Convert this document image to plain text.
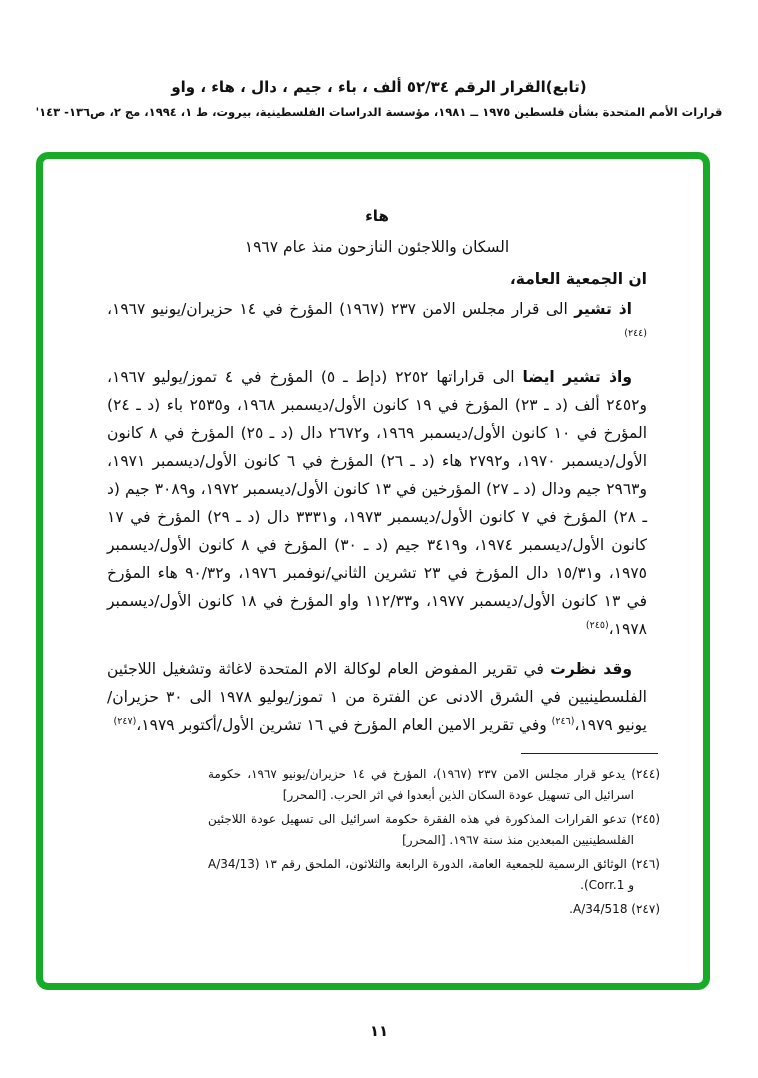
(تابع)القرار الرقم ٥٢/٣٤ ألف ، باء ، جيم ، دال ، هاء ، واو
قرارات الأمم المتحدة بشأن فلسطين ١٩٧٥ ــ ١٩٨١، مؤسسة الدراسات الفلسطينية، بيروت، ط ١، ١٩٩٤، مج ٢، ص١٣٦- ١٤٣'
هاء
السكان واللاجئون النازحون منذ عام ١٩٦٧
ان الجمعية العامة،

اذ تشير الى قرار مجلس الامن ٢٣٧ (١٩٦٧) المؤرخ في ١٤ حزيران/يونيو ١٩٦٧،$^{(٢٤٤)}$

واذ تشير ايضا الى قراراتها ٢٢٥٢ (دإط ـ ٥) المؤرخ في ٤ تموز/يوليو ١٩٦٧، و٢٤٥٢ ألف (د ـ ٢٣) المؤرخ في ١٩ كانون الأول/ديسمبر ١٩٦٨، و٢٥٣٥ باء (د ـ ٢٤) المؤرخ في ١٠ كانون الأول/ديسمبر ١٩٦٩، و٢٦٧٢ دال (د ـ ٢٥) المؤرخ في ٨ كانون الأول/ديسمبر ١٩٧٠، و٢٧٩٢ هاء (د ـ ٢٦) المؤرخ في ٦ كانون الأول/ديسمبر ١٩٧١، و٢٩٦٣ جيم ودال (د ـ ٢٧) المؤرخين في ١٣ كانون الأول/ديسمبر ١٩٧٢، و٣٠٨٩ جيم (د ـ ٢٨) المؤرخ في ٧ كانون الأول/ديسمبر ١٩٧٣، و٣٣٣١ دال (د ـ ٢٩) المؤرخ في ١٧ كانون الأول/ديسمبر ١٩٧٤، و٣٤١٩ جيم (د ـ ٣٠) المؤرخ في ٨ كانون الأول/ديسمبر ١٩٧٥، و١٥/٣١ دال المؤرخ في ٢٣ تشرين الثاني/نوفمبر ١٩٧٦، و٩٠/٣٢ هاء المؤرخ في ١٣ كانون الأول/ديسمبر ١٩٧٧، و١١٢/٣٣ واو المؤرخ في ١٨ كانون الأول/ديسمبر ١٩٧٨،$^{(٢٤٥)}$

وقد نظرت في تقرير المفوض العام لوكالة الام المتحدة لاغاثة وتشغيل اللاجئين الفلسطينيين في الشرق الادنى عن الفترة من ١ تموز/يوليو ١٩٧٨ الى ٣٠ حزيران/يونيو ١٩٧٩،$^{(٢٤٦)}$ وفي تقرير الامين العام المؤرخ في ١٦ تشرين الأول/أكتوبر ١٩٧٩،$^{(٢٤٧)}$

(٢٤٤) يدعو قرار مجلس الامن ٢٣٧ (١٩٦٧)، المؤرخ في ١٤ حزيران/يونيو ١٩٦٧، حكومة اسرائيل الى تسهيل عودة السكان الذين أبعدوا في اثر الحرب. [المحرر]

(٢٤٥) تدعو القرارات المذكورة في هذه الفقرة حكومة اسرائيل الى تسهيل عودة اللاجئين الفلسطينيين المبعدين منذ سنة ١٩٦٧. [المحرر]

(٢٤٦) الوثائق الرسمية للجمعية العامة، الدورة الرابعة والثلاثون، الملحق رقم ١٣ (A/34/13 و Corr.1).

(٢٤٧) A/34/518.

١١
